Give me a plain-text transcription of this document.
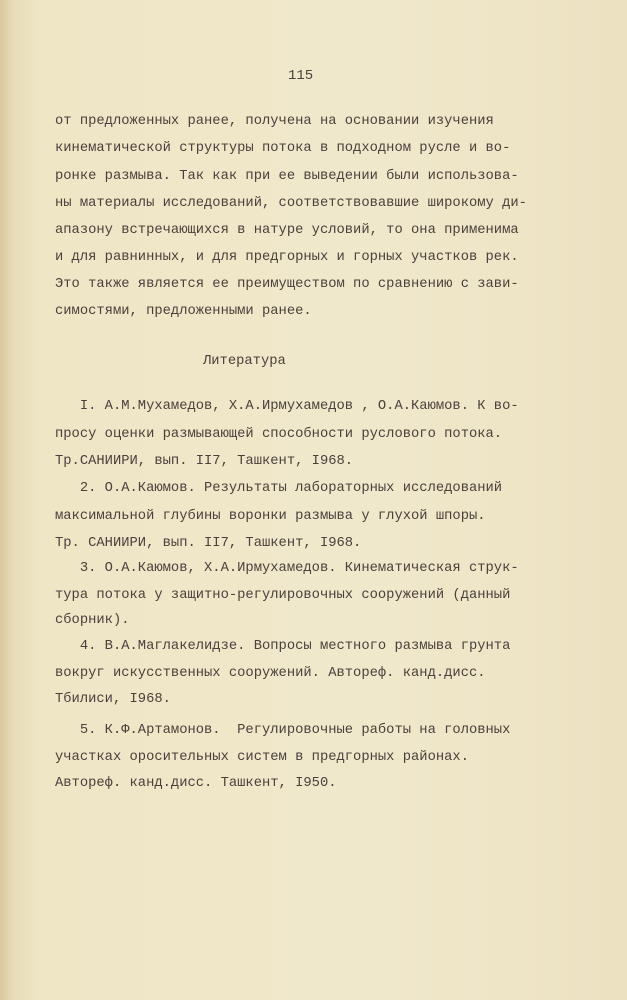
115
от предложенных ранее, получена на основании изучения
кинематической структуры потока в подходном русле и во-
ронке размыва. Так как при ее выведении были использова-
ны материалы исследований, соответствовавшие широкому ди-
апазону встречающихся в натуре условий, то она применима
и для равнинных, и для предгорных и горных участков рек.
Это также является ее преимуществом по сравнению с зави-
симостями, предложенными ранее.
Литература
I. А.М.Мухамедов, Х.А.Ирмухамедов , О.А.Каюмов. К во-
просу оценки размывающей способности руслового потока.
Тр.САНИИРИ, вып. II7, Ташкент, I968.
2. О.А.Каюмов. Результаты лабораторных исследований
максимальной глубины воронки размыва у глухой шпоры.
Тр. САНИИРИ, вып. II7, Ташкент, I968.
3. О.А.Каюмов, Х.А.Ирмухамедов. Кинематическая струк-
тура потока у защитно-регулировочных сооружений (данный
сборник).
4. В.А.Маглакелидзе. Вопросы местного размыва грунта
вокруг искусственных сооружений. Автореф. канд.дисс.
Тбилиси, I968.
5. К.Ф.Артамонов.  Регулировочные работы на головных
участках оросительных систем в предгорных районах.
Автореф. канд.дисс. Ташкент, I950.
